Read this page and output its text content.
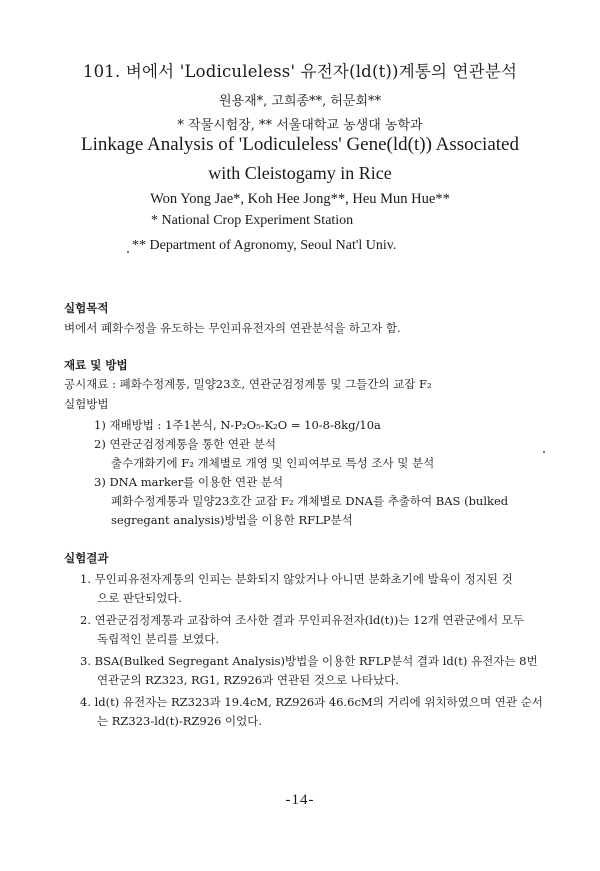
101. 벼에서 'Lodiculeless' 유전자(ld(t))계통의 연관분석
원용재*, 고희종**, 허문회**
* 작물시험장, ** 서울대학교 농생대 농학과
Linkage Analysis of 'Lodiculeless' Gene(ld(t)) Associated
with Cleistogamy in Rice
Won Yong Jae*, Koh Hee Jong**, Heu Mun Hue**
* National Crop Experiment Station
** Department of Agronomy, Seoul Nat'l Univ.
실험목적
벼에서 폐화수정을 유도하는 무인피유전자의 연관분석을 하고자 함.
재료 및 방법
공시재료 : 폐화수정계통, 밀양23호, 연관군검정계통 및 그들간의 교잡 F₂
실험방법
1) 재배방법 : 1주1본식, N-P₂O₅-K₂O = 10-8-8kg/10a
2) 연관군검정계통을 통한 연관 분석
출수개화기에 F₂ 개체별로 개영 및 인피여부로 특성 조사 및 분석
3) DNA marker를 이용한 연관 분석
폐화수정계통과 밀양23호간 교잡 F₂ 개체별로 DNA를 추출하여 BAS (bulked
segregant analysis)방법을 이용한 RFLP분석
실험결과
1. 무인피유전자계통의 인피는 분화되지 않았거나 아니면 분화초기에 발육이 정지된 것
으로 판단되었다.
2. 연관군검정계통과 교잡하여 조사한 결과 무인피유전자(ld(t))는 12개 연관군에서 모두
독립적인 분리를 보였다.
3. BSA(Bulked Segregant Analysis)방법을 이용한 RFLP분석 결과 ld(t) 유전자는 8번
연관군의 RZ323, RG1, RZ926과 연관된 것으로 나타났다.
4. ld(t) 유전자는 RZ323과 19.4cM, RZ926과 46.6cM의 거리에 위치하였으며 연관 순서
는 RZ323-ld(t)-RZ926 이었다.
-14-
